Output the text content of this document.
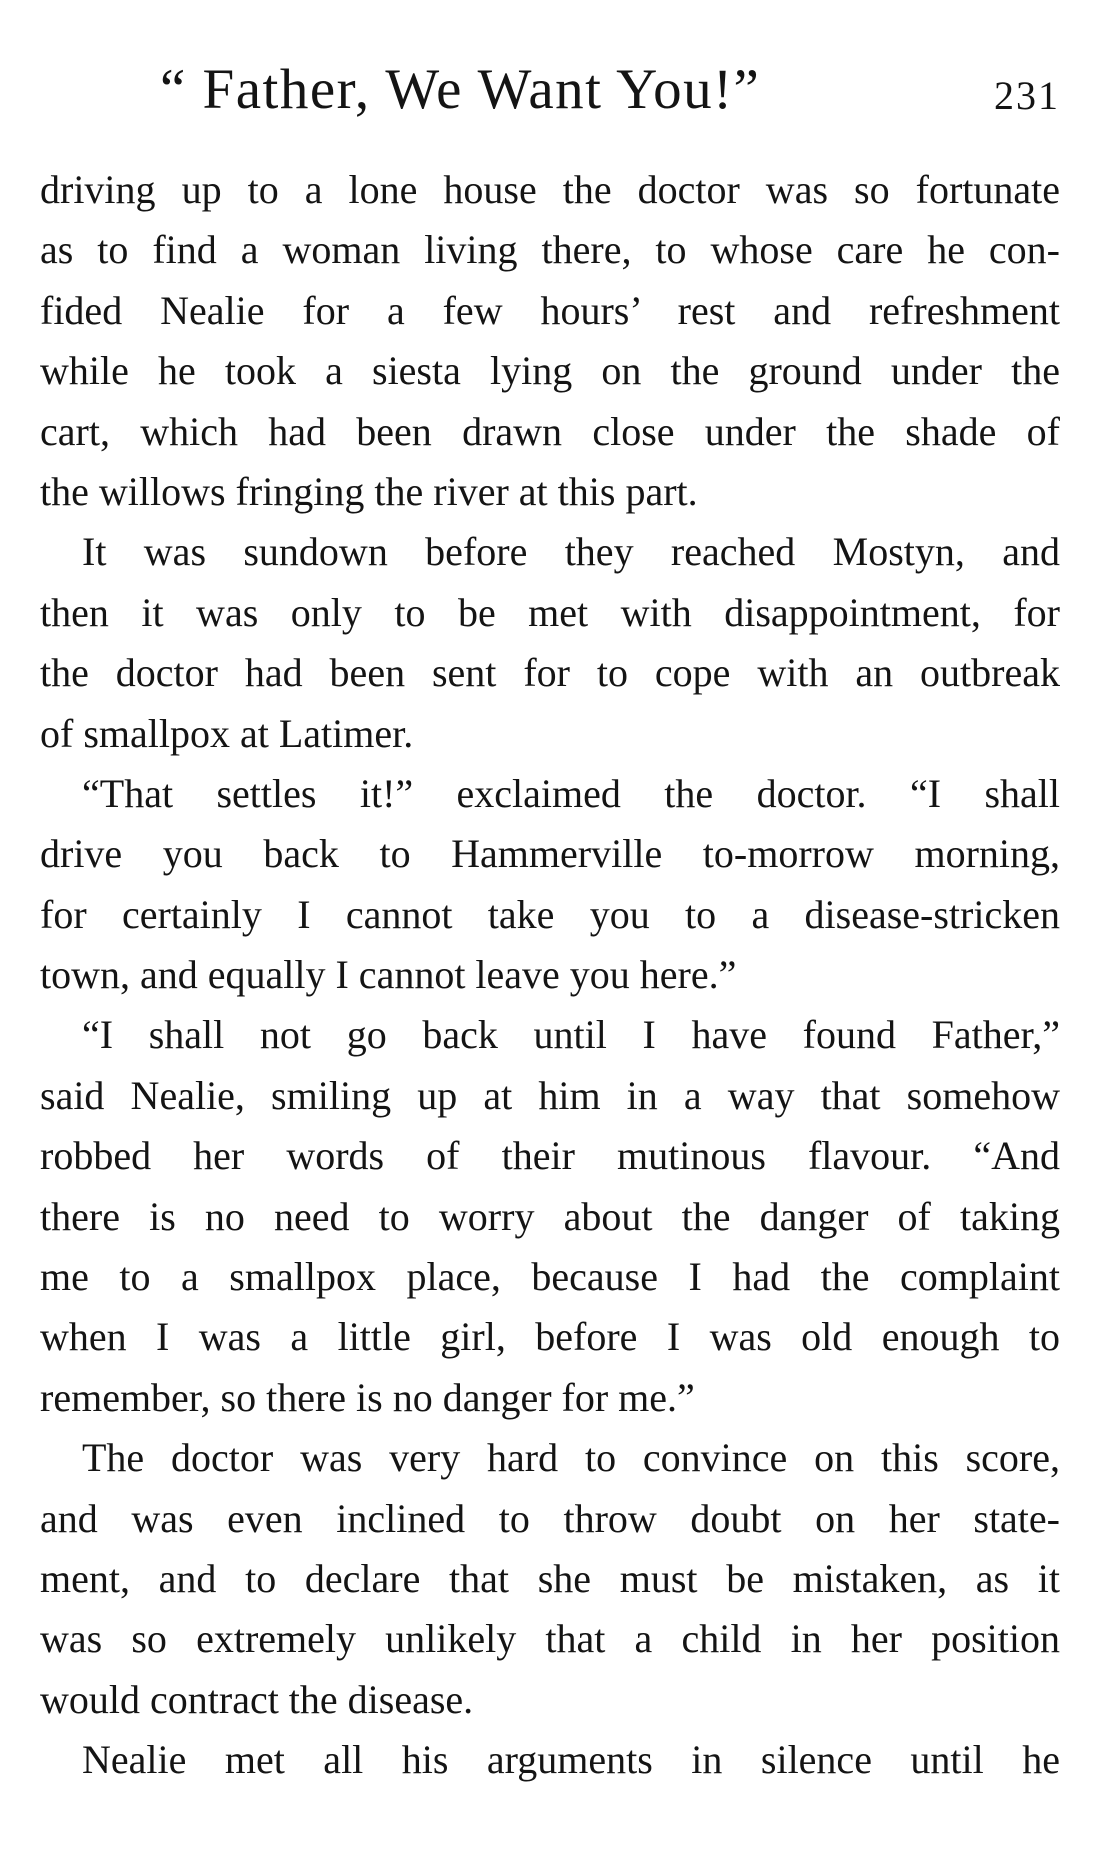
“ Father, We Want You!”	231
driving up to a lone house the doctor was so fortunate
as to find a woman living there, to whose care he con-
fided Nealie for a few hours’ rest and refreshment
while he took a siesta lying on the ground under the
cart, which had been drawn close under the shade of
the willows fringing the river at this part.
It was sundown before they reached Mostyn, and
then it was only to be met with disappointment, for
the doctor had been sent for to cope with an outbreak
of smallpox at Latimer.
“That settles it!” exclaimed the doctor. “I shall
drive you back to Hammerville to-morrow morning,
for certainly I cannot take you to a disease-stricken
town, and equally I cannot leave you here.”
“I shall not go back until I have found Father,”
said Nealie, smiling up at him in a way that somehow
robbed her words of their mutinous flavour. “And
there is no need to worry about the danger of taking
me to a smallpox place, because I had the complaint
when I was a little girl, before I was old enough to
remember, so there is no danger for me.”
The doctor was very hard to convince on this score,
and was even inclined to throw doubt on her state-
ment, and to declare that she must be mistaken, as it
was so extremely unlikely that a child in her position
would contract the disease.
Nealie met all his arguments in silence until he
